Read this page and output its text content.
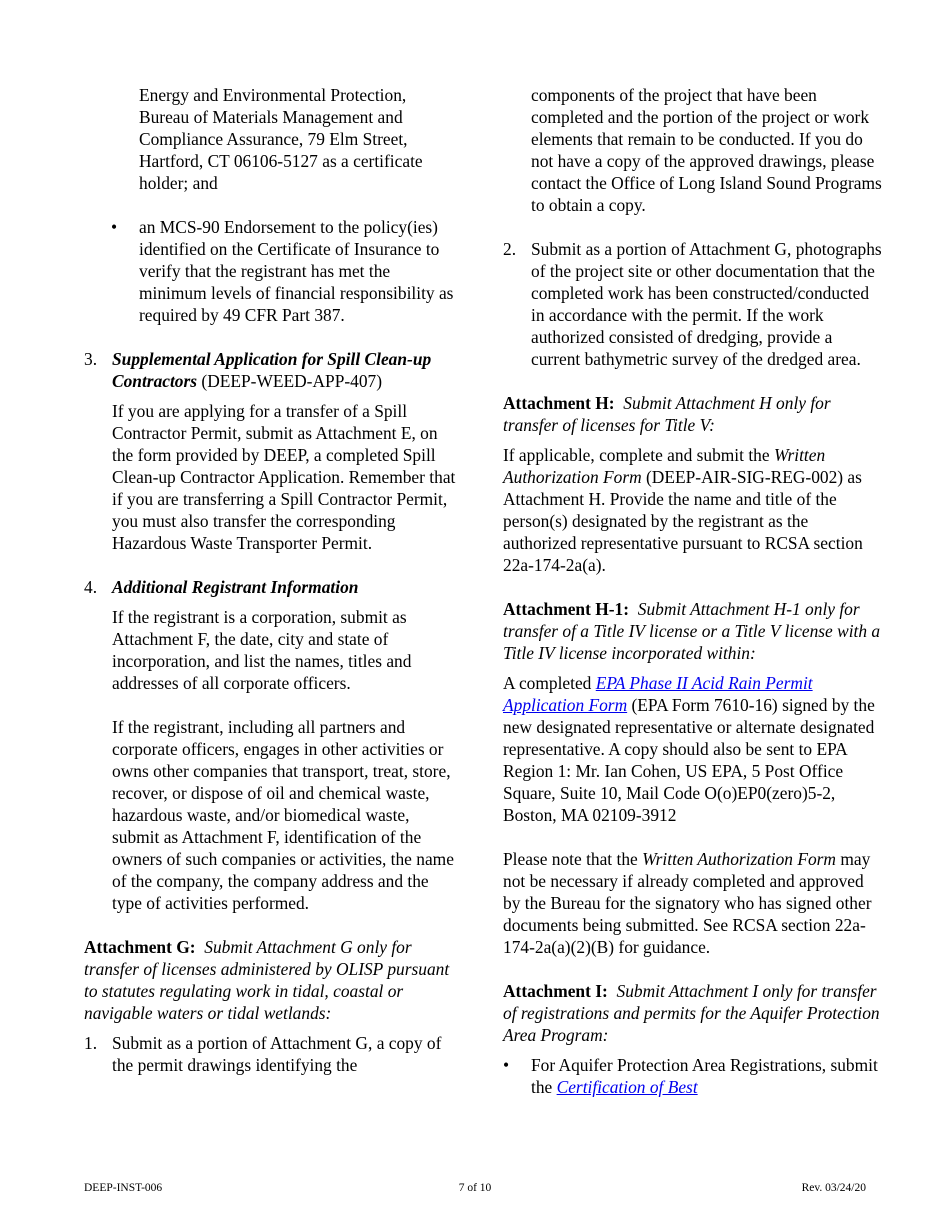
Energy and Environmental Protection, Bureau of Materials Management and Compliance Assurance, 79 Elm Street, Hartford, CT 06106-5127 as a certificate holder; and

• an MCS-90 Endorsement to the policy(ies) identified on the Certificate of Insurance to verify that the registrant has met the minimum levels of financial responsibility as required by 49 CFR Part 387.
3. Supplemental Application for Spill Clean-up Contractors (DEEP-WEED-APP-407)

If you are applying for a transfer of a Spill Contractor Permit, submit as Attachment E, on the form provided by DEEP, a completed Spill Clean-up Contractor Application. Remember that if you are transferring a Spill Contractor Permit, you must also transfer the corresponding Hazardous Waste Transporter Permit.

4. Additional Registrant Information

If the registrant is a corporation, submit as Attachment F, the date, city and state of incorporation, and list the names, titles and addresses of all corporate officers.

If the registrant, including all partners and corporate officers, engages in other activities or owns other companies that transport, treat, store, recover, or dispose of oil and chemical waste, hazardous waste, and/or biomedical waste, submit as Attachment F, identification of the owners of such companies or activities, the name of the company, the company address and the type of activities performed.

Attachment G: Submit Attachment G only for transfer of licenses administered by OLISP pursuant to statutes regulating work in tidal, coastal or navigable waters or tidal wetlands:

1. Submit as a portion of Attachment G, a copy of the permit drawings identifying the

components of the project that have been completed and the portion of the project or work elements that remain to be conducted. If you do not have a copy of the approved drawings, please contact the Office of Long Island Sound Programs to obtain a copy.

2. Submit as a portion of Attachment G, photographs of the project site or other documentation that the completed work has been constructed/conducted in accordance with the permit. If the work authorized consisted of dredging, provide a current bathymetric survey of the dredged area.

Attachment H: Submit Attachment H only for transfer of licenses for Title V:

If applicable, complete and submit the Written Authorization Form (DEEP-AIR-SIG-REG-002) as Attachment H. Provide the name and title of the person(s) designated by the registrant as the authorized representative pursuant to RCSA section 22a-174-2a(a).

Attachment H-1: Submit Attachment H-1 only for transfer of a Title IV license or a Title V license with a Title IV license incorporated within:

A completed EPA Phase II Acid Rain Permit Application Form (EPA Form 7610-16) signed by the new designated representative or alternate designated representative. A copy should also be sent to EPA Region 1: Mr. Ian Cohen, US EPA, 5 Post Office Square, Suite 10, Mail Code O(o)EP0(zero)5-2, Boston, MA 02109-3912

Please note that the Written Authorization Form may not be necessary if already completed and approved by the Bureau for the signatory who has signed other documents being submitted. See RCSA section 22a-174-2a(a)(2)(B) for guidance.

Attachment I: Submit Attachment I only for transfer of registrations and permits for the Aquifer Protection Area Program:

• For Aquifer Protection Area Registrations, submit the Certification of Best
DEEP-INST-006	7 of 10	Rev. 03/24/20
